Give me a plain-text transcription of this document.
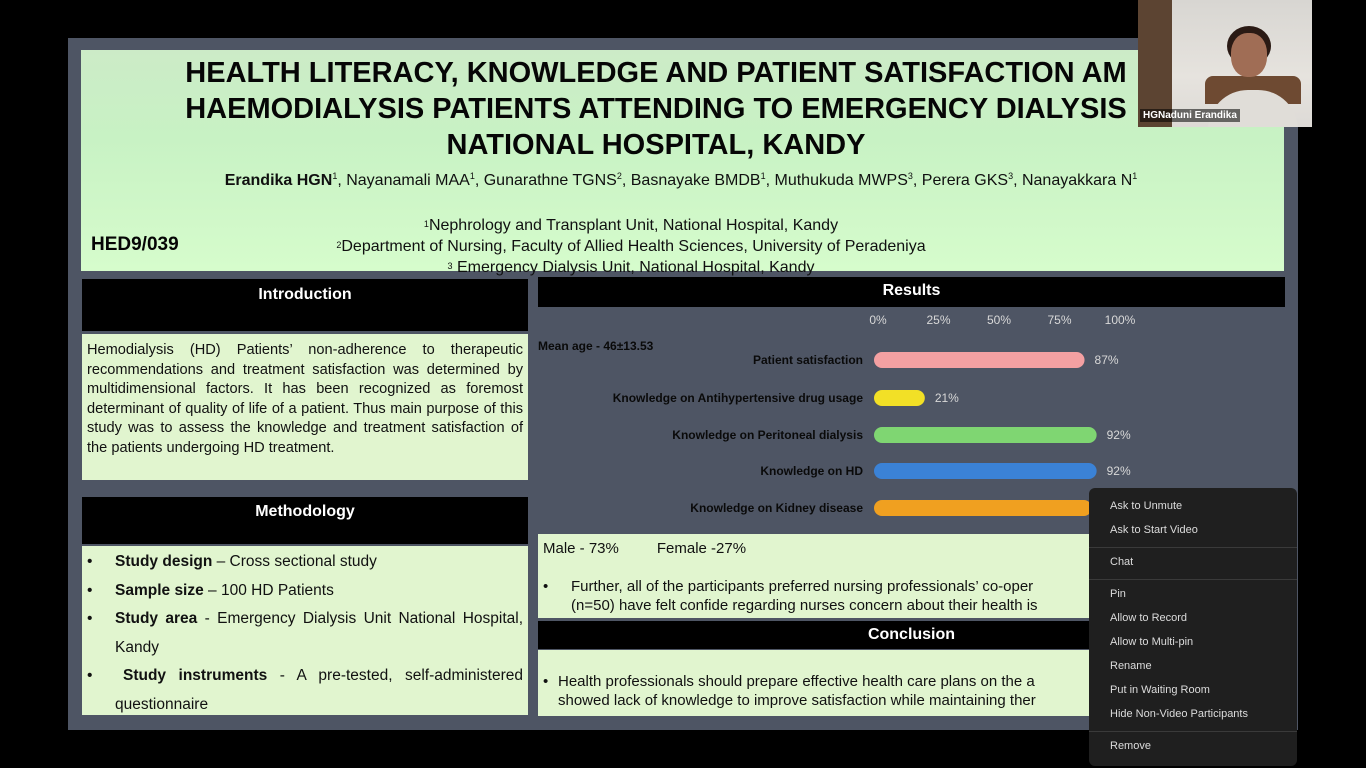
HEALTH LITERACY, KNOWLEDGE AND PATIENT SATISFACTION AM
HAEMODIALYSIS PATIENTS ATTENDING TO EMERGENCY DIALYSIS
NATIONAL HOSPITAL, KANDY
Erandika HGN$^1$, Nayanamali MAA$^1$, Gunarathne TGNS$^2$, Basnayake BMDB$^1$, Muthukuda MWPS$^3$, Perera GKS$^3$, Nanayakkara $N^1$
HED9/039
$^1$Nephrology and Transplant Unit, National Hospital, Kandy
$^2$Department of Nursing, Faculty of Allied Health Sciences, University of Peradeniya
$^3$ Emergency Dialysis Unit, National Hospital, Kandy
Introduction
Hemodialysis (HD) Patients’ non-adherence to therapeutic recommendations and treatment satisfaction was determined by multidimensional factors. It has been recognized as foremost determinant of quality of life of a patient. Thus main purpose of this study was to assess the knowledge and treatment satisfaction of the patients undergoing HD treatment.
Methodology
• Study design – Cross sectional study
• Sample size – 100 HD Patients
• Study area - Emergency Dialysis Unit National Hospital, Kandy
• Study instruments - A pre-tested, self-administered questionnaire
Results
Mean age - 46±13.53
0%	25%	50%	75%	100%
Patient satisfaction	87%
Knowledge on Antihypertensive drug usage	21%
Knowledge on Peritoneal dialysis	92%
Knowledge on HD	92%
Knowledge on Kidney disease
Male - 73%	Female -27%
•	Further, all of the participants preferred nursing professionals’ co-oper
(n=50) have felt confide regarding nurses concern about their health is
Conclusion
• Health professionals should prepare effective health care plans on the a
showed lack of knowledge to improve satisfaction while maintaining ther
HGNaduni Erandika
Ask to Unmute
Ask to Start Video
Chat
Pin
Allow to Record
Allow to Multi-pin
Rename
Put in Waiting Room
Hide Non-Video Participants
Remove
